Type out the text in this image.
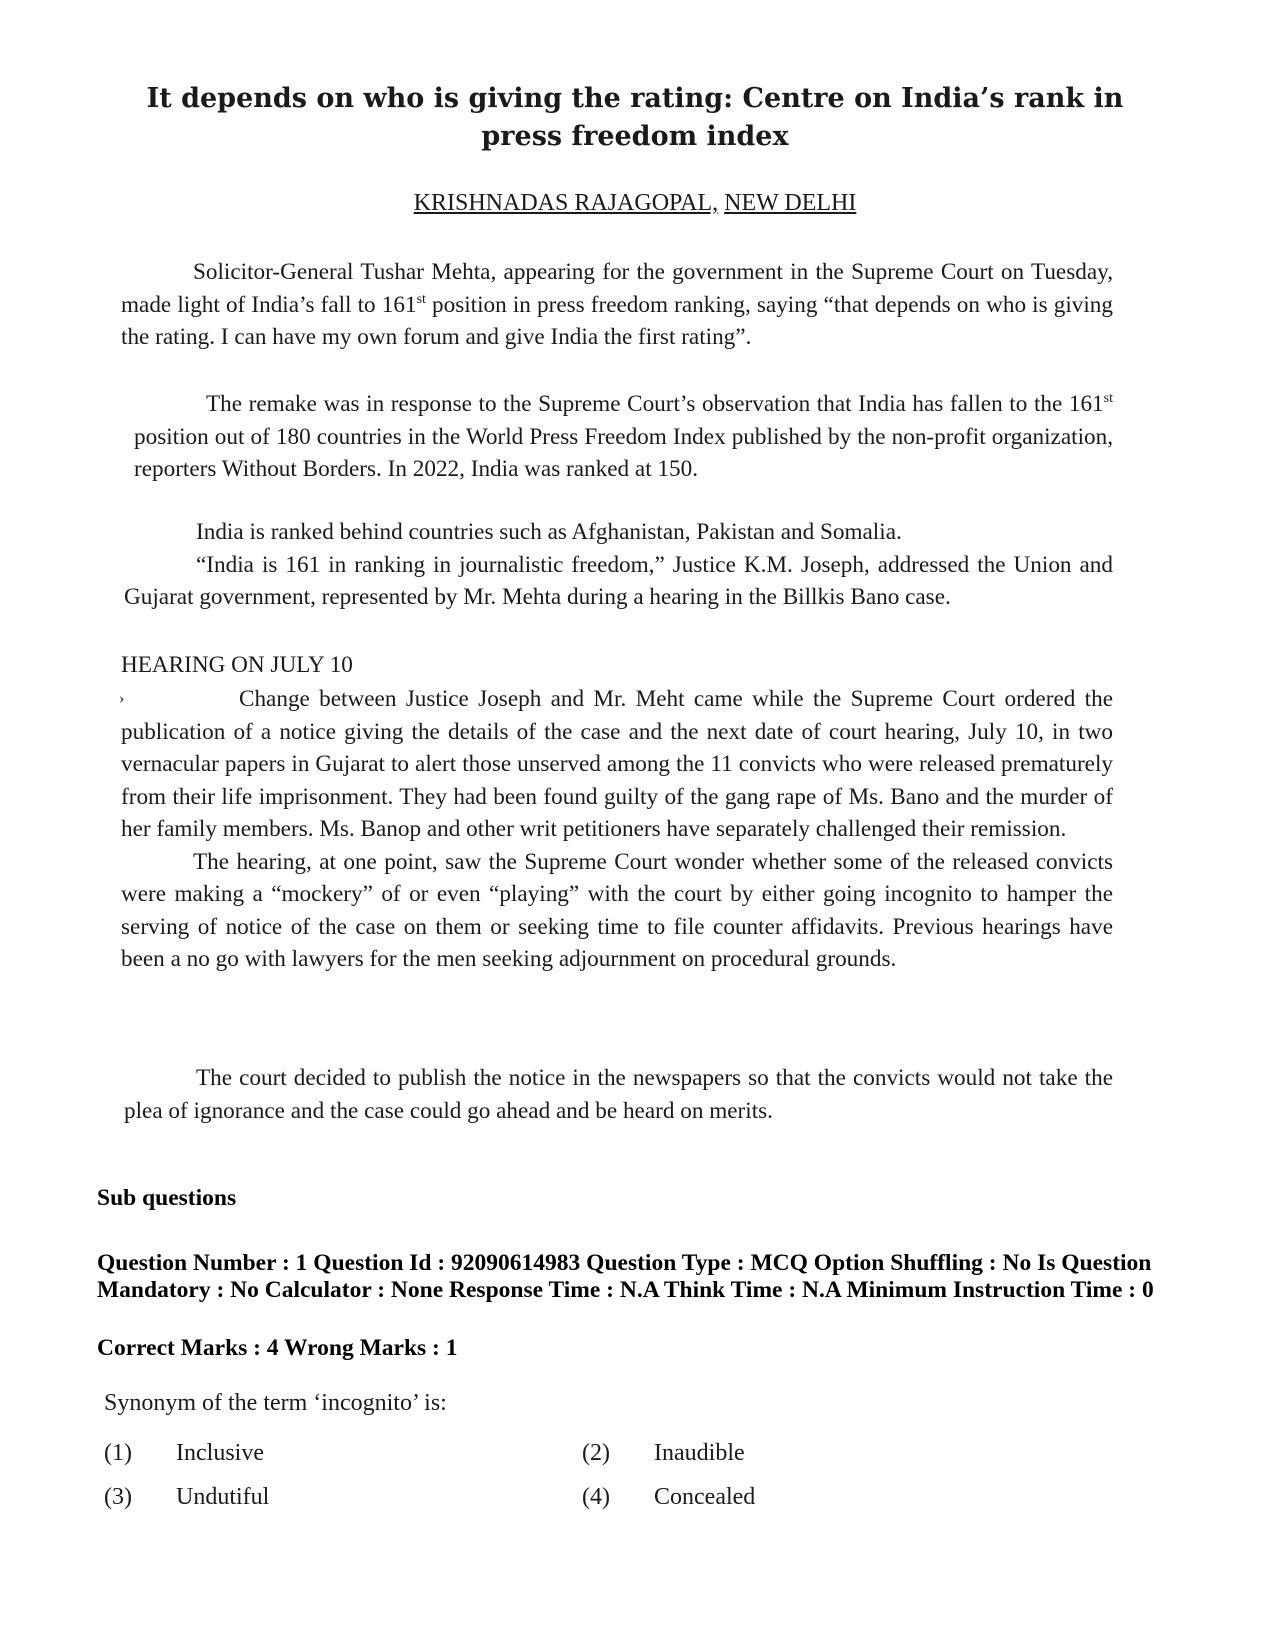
It depends on who is giving the rating: Centre on India’s rank in press freedom index

KRISHNADAS RAJAGOPAL, NEW DELHI

Solicitor-General Tushar Mehta, appearing for the government in the Supreme Court on Tuesday, made light of India’s fall to 161st position in press freedom ranking, saying “that depends on who is giving the rating. I can have my own forum and give India the first rating”.

The remake was in response to the Supreme Court’s observation that India has fallen to the 161st position out of 180 countries in the World Press Freedom Index published by the non-profit organization, reporters Without Borders. In 2022, India was ranked at 150.

India is ranked behind countries such as Afghanistan, Pakistan and Somalia.

“India is 161 in ranking in journalistic freedom,” Justice K.M. Joseph, addressed the Union and Gujarat government, represented by Mr. Mehta during a hearing in the Billkis Bano case.

HEARING ON JULY 10

›	Change between Justice Joseph and Mr. Meht came while the Supreme Court ordered the publication of a notice giving the details of the case and the next date of court hearing, July 10, in two vernacular papers in Gujarat to alert those unserved among the 11 convicts who were released prematurely from their life imprisonment. They had been found guilty of the gang rape of Ms. Bano and the murder of her family members. Ms. Banop and other writ petitioners have separately challenged their remission.

The hearing, at one point, saw the Supreme Court wonder whether some of the released convicts were making a “mockery” of or even “playing” with the court by either going incognito to hamper the serving of notice of the case on them or seeking time to file counter affidavits. Previous hearings have been a no go with lawyers for the men seeking adjournment on procedural grounds.

The court decided to publish the notice in the newspapers so that the convicts would not take the plea of ignorance and the case could go ahead and be heard on merits.

Sub questions

Question Number : 1 Question Id : 92090614983 Question Type : MCQ Option Shuffling : No Is Question Mandatory : No Calculator : None Response Time : N.A Think Time : N.A Minimum Instruction Time : 0

Correct Marks : 4 Wrong Marks : 1

Synonym of the term ‘incognito’ is:

(1)	Inclusive	(2)	Inaudible
(3)	Undutiful	(4)	Concealed
